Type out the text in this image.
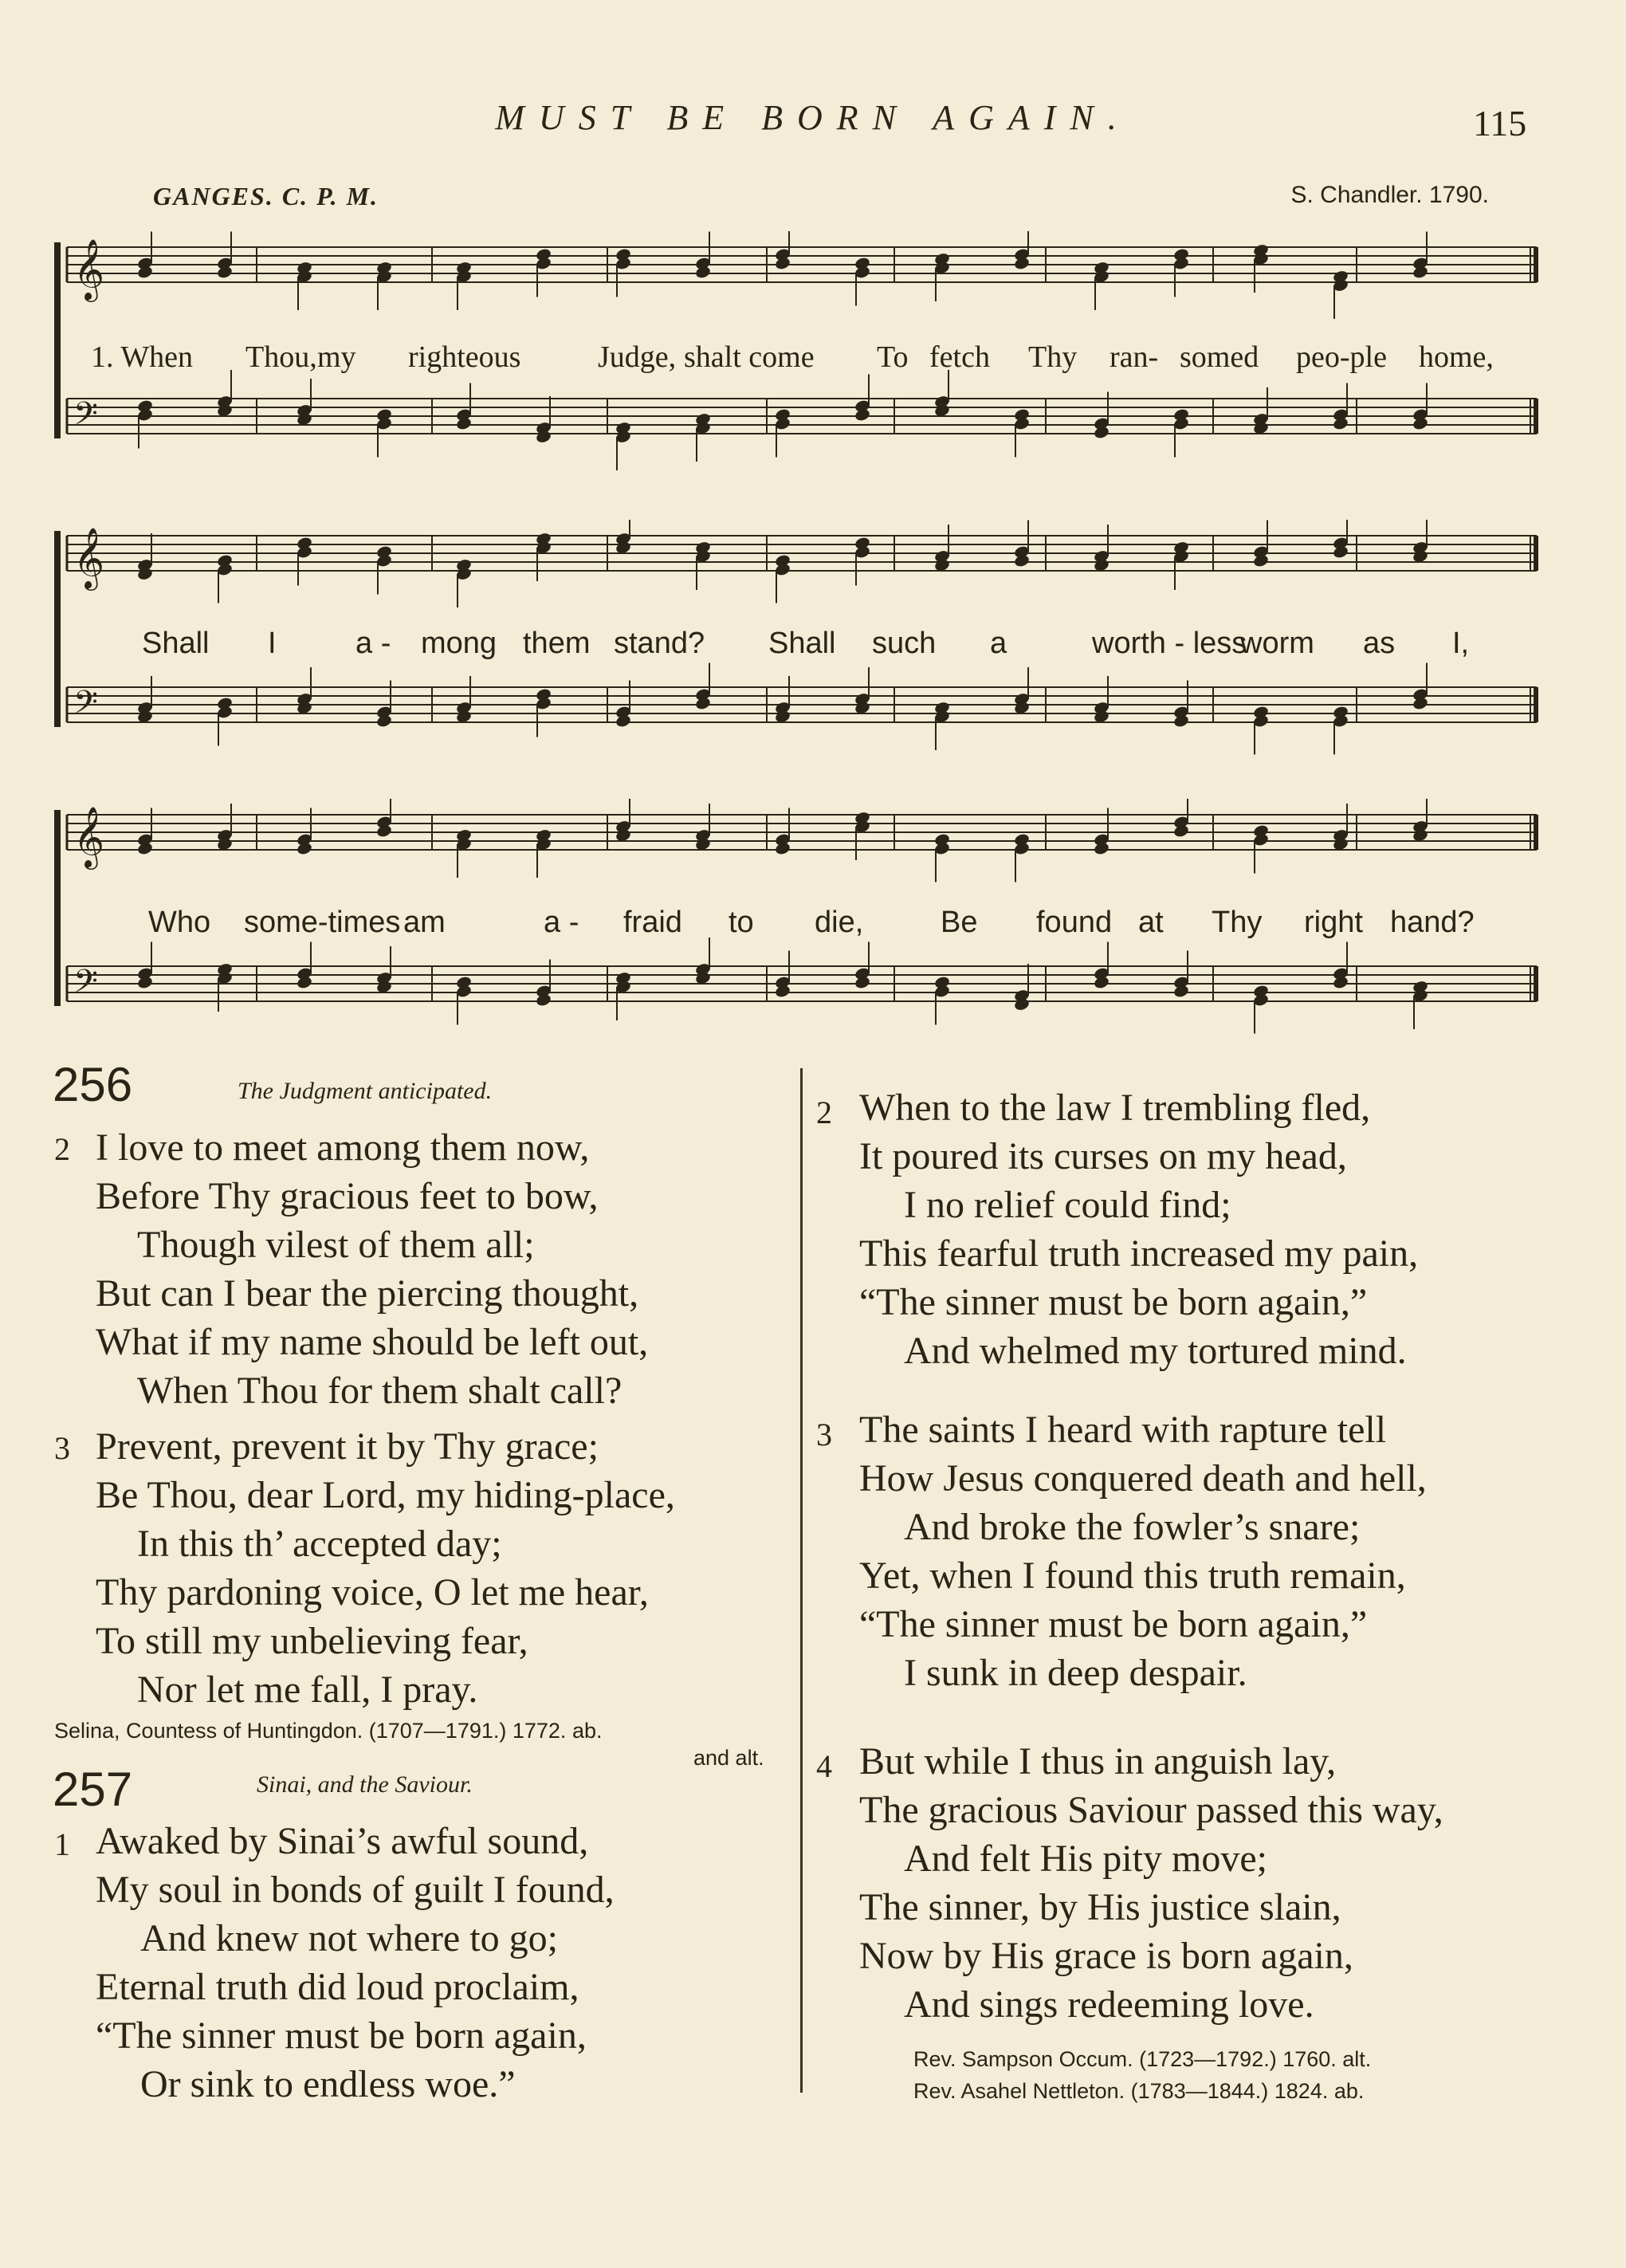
MUST BE BORN AGAIN.	115
GANGES. C. P. M.	S. Chandler. 1790.
𝄞
𝄢
𝄞
𝄢
𝄞
𝄢
1. When Thou, my righteous	Judge, shalt come To fetch Thy ran- somed peo-ple home,
Shall I	a - mong them stand? Shall such a	worth - less
worm as I,
Who some-times am	a - fraid to die,	Be found at Thy right hand?
256	The Judgment anticipated.
2 I love to meet among them now,
Before Thy gracious feet to bow,
Though vilest of them all;
But can I bear the piercing thought,
What if my name should be left out,
When Thou for them shalt call?
3 Prevent, prevent it by Thy grace;
Be Thou, dear Lord, my hiding-place,
In this th’ accepted day;
Thy pardoning voice, O let me hear,
To still my unbelieving fear,
Nor let me fall, I pray.
Selina, Countess of Huntingdon. (1707—1791.) 1772. ab.
and alt.
257	Sinai, and the Saviour.
1 Awaked by Sinai’s awful sound,
My soul in bonds of guilt I found,
And knew not where to go;
Eternal truth did loud proclaim,
“The sinner must be born again,
Or sink to endless woe.”
2 When to the law I trembling fled,
It poured its curses on my head,
I no relief could find;
This fearful truth increased my pain,
“The sinner must be born again,”
And whelmed my tortured mind.
3 The saints I heard with rapture tell
How Jesus conquered death and hell,
And broke the fowler’s snare;
Yet, when I found this truth remain,
“The sinner must be born again,”
I sunk in deep despair.
4 But while I thus in anguish lay,
The gracious Saviour passed this way,
And felt His pity move;
The sinner, by His justice slain,
Now by His grace is born again,
And sings redeeming love.
Rev. Sampson Occum. (1723—1792.) 1760. alt.
Rev. Asahel Nettleton. (1783—1844.) 1824. ab.
